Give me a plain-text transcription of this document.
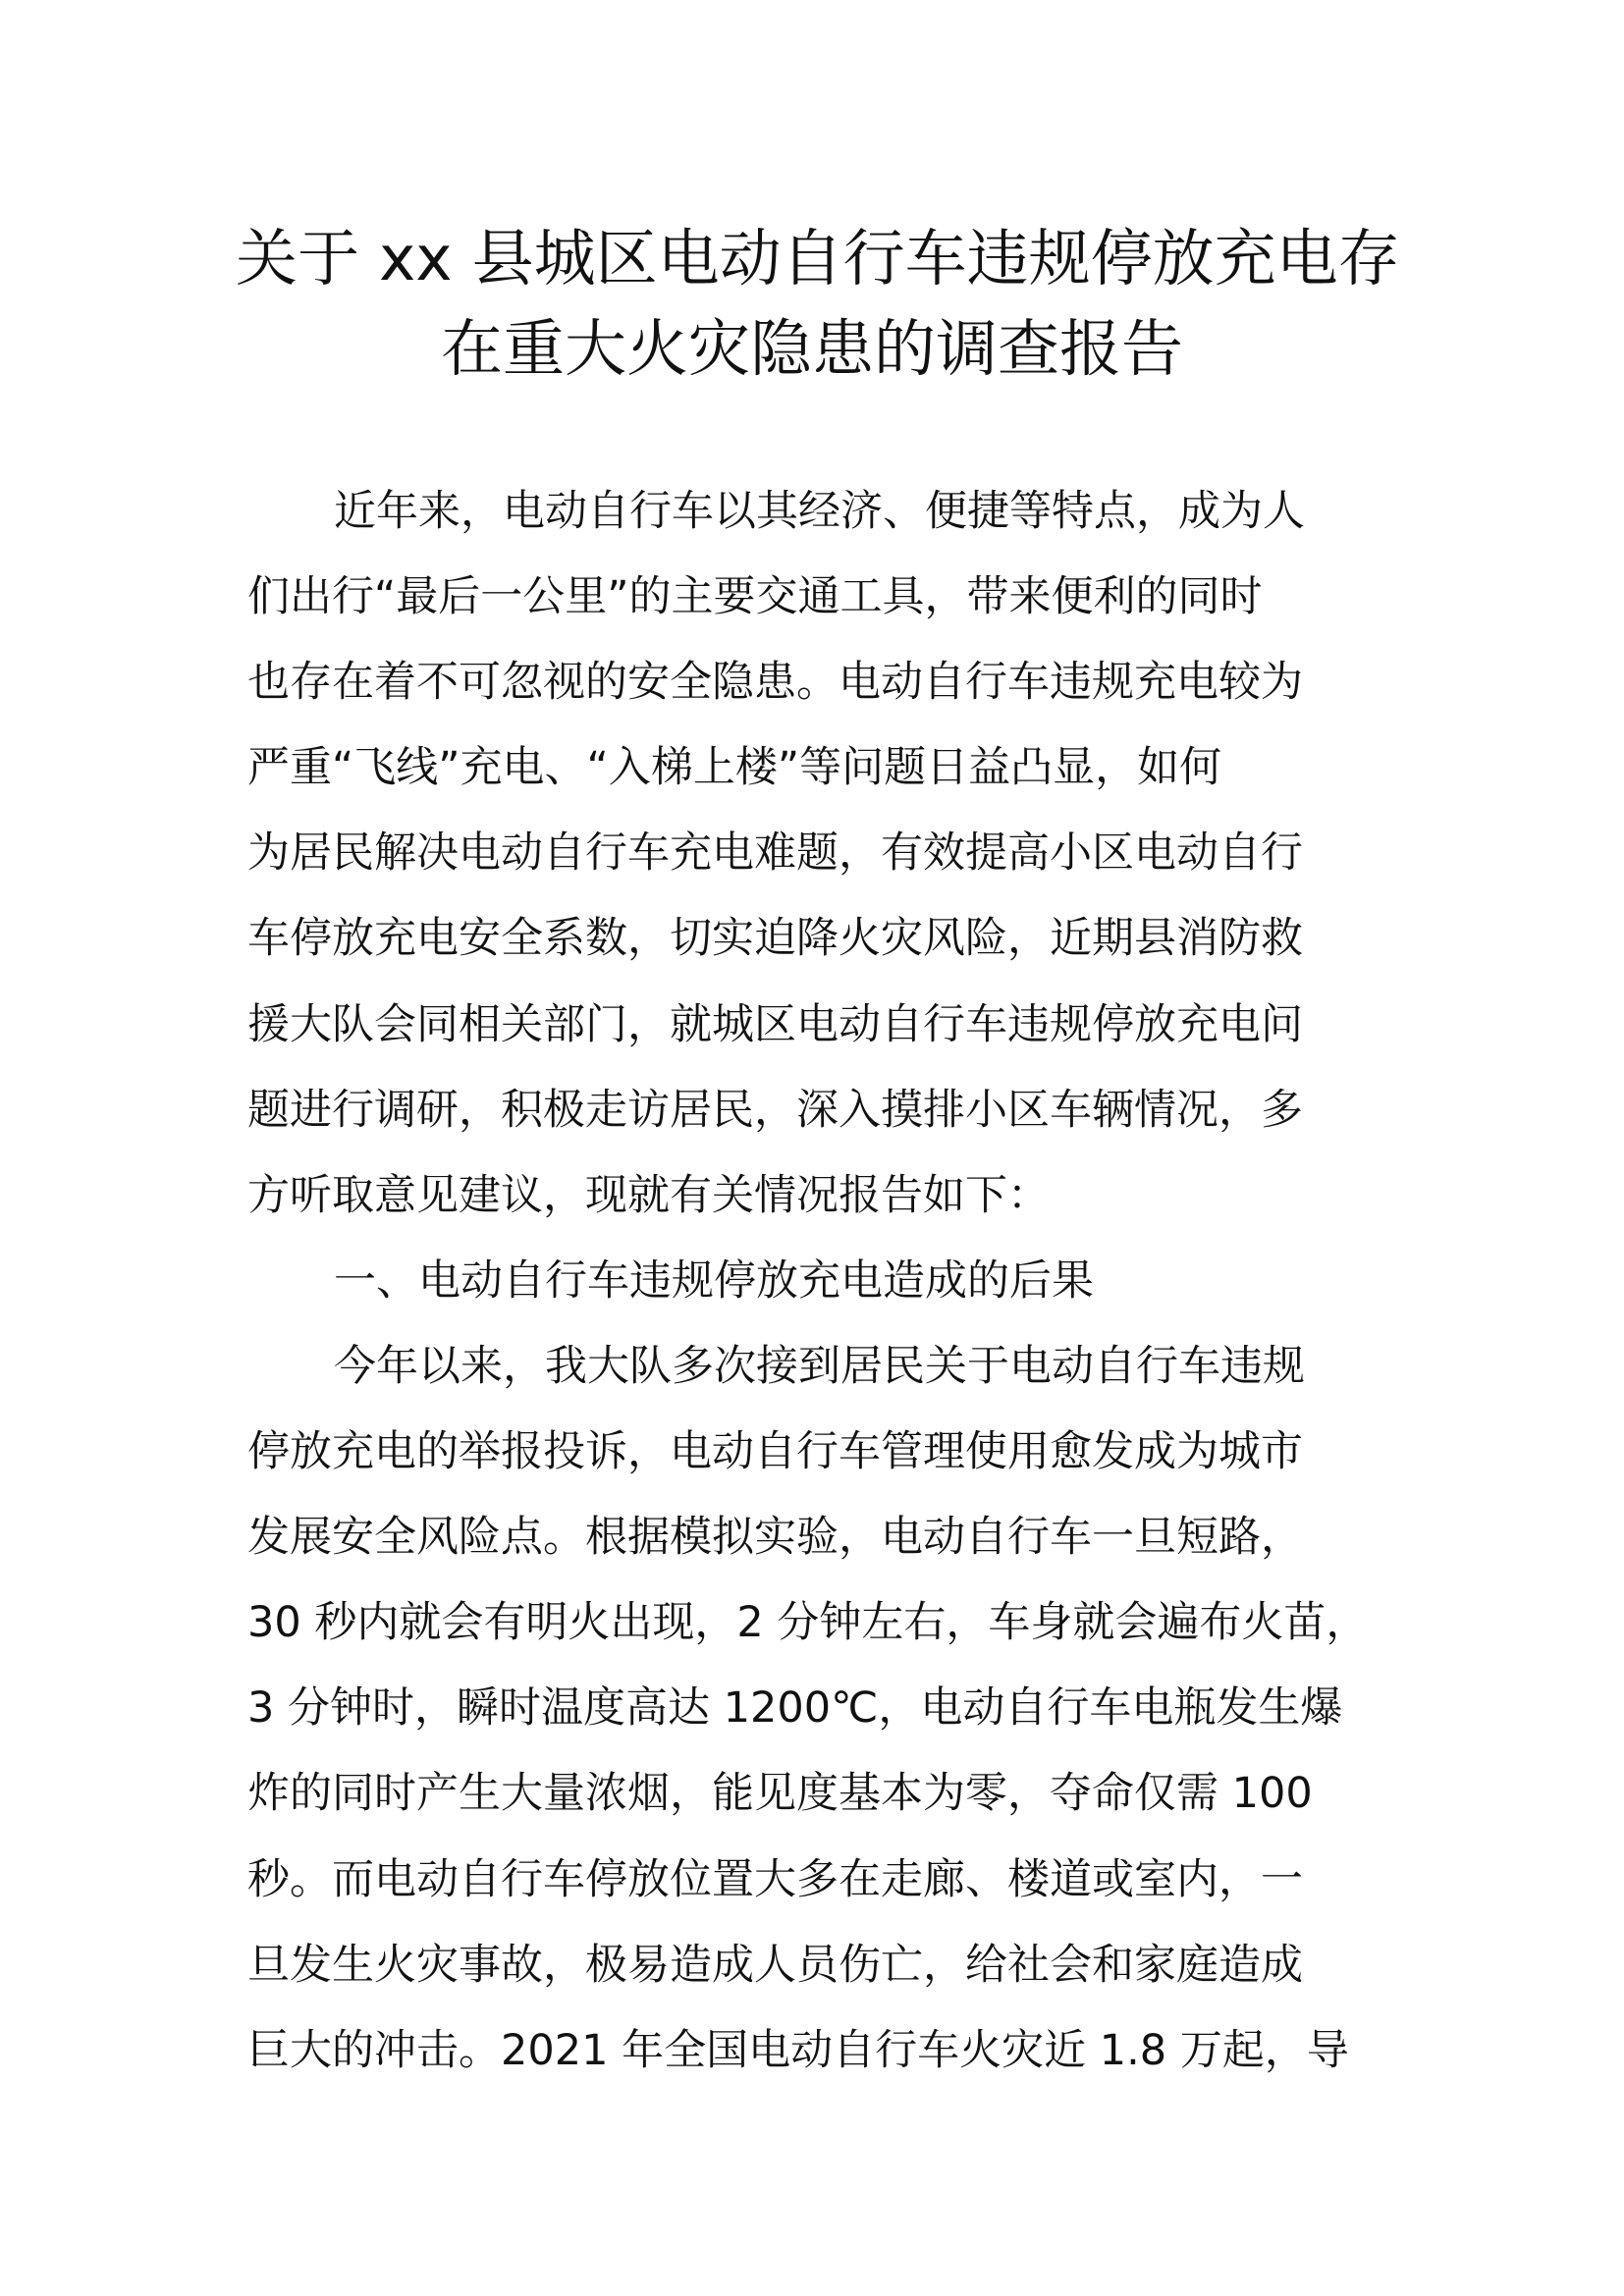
关于 xx 县城区电动自行车违规停放充电存
在重大火灾隐患的调查报告
近年来，电动自行车以其经济、便捷等特点，成为人
们出行“最后一公里”的主要交通工具，带来便利的同时
也存在着不可忽视的安全隐患。电动自行车违规充电较为
严重“飞线”充电、“入梯上楼”等问题日益凸显，如何
为居民解决电动自行车充电难题，有效提高小区电动自行
车停放充电安全系数，切实迫降火灾风险，近期县消防救
援大队会同相关部门，就城区电动自行车违规停放充电问
题进行调研，积极走访居民，深入摸排小区车辆情况，多
方听取意见建议，现就有关情况报告如下：
一、电动自行车违规停放充电造成的后果
今年以来，我大队多次接到居民关于电动自行车违规
停放充电的举报投诉，电动自行车管理使用愈发成为城市
发展安全风险点。根据模拟实验，电动自行车一旦短路，
30 秒内就会有明火出现，2 分钟左右，车身就会遍布火苗，
3 分钟时，瞬时温度高达 1200℃，电动自行车电瓶发生爆
炸的同时产生大量浓烟，能见度基本为零，夺命仅需 100
秒。而电动自行车停放位置大多在走廊、楼道或室内，一
旦发生火灾事故，极易造成人员伤亡，给社会和家庭造成
巨大的冲击。2021 年全国电动自行车火灾近 1.8 万起，导
